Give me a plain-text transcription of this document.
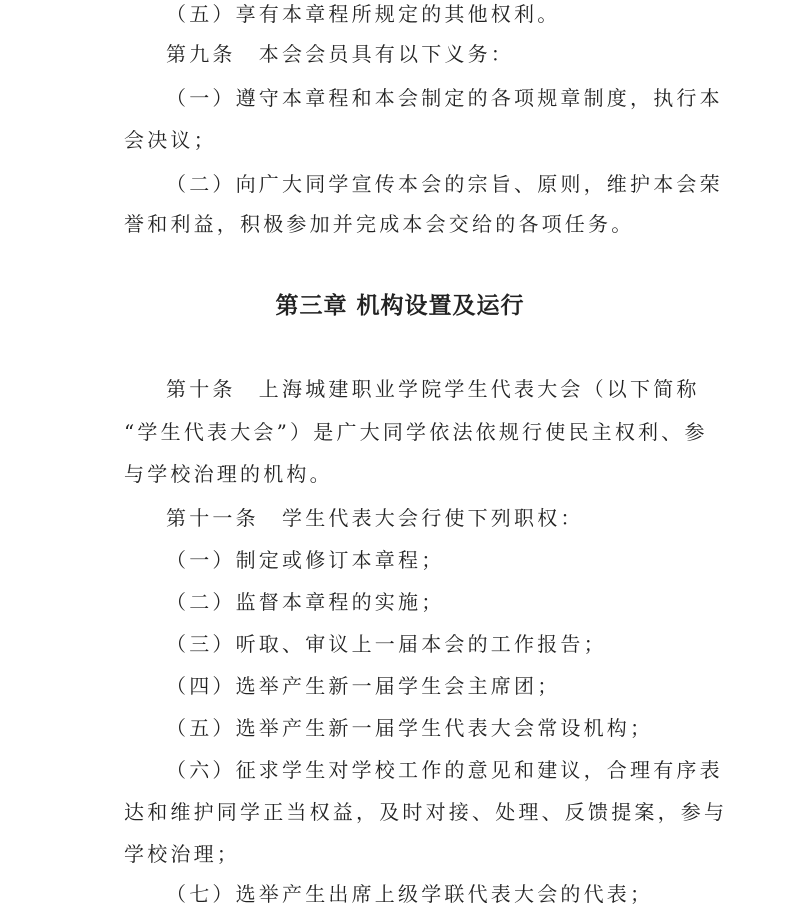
（五）享有本章程所规定的其他权利。
第九条　本会会员具有以下义务：
（一）遵守本章程和本会制定的各项规章制度，执行本
会决议；
（二）向广大同学宣传本会的宗旨、原则，维护本会荣
誉和利益，积极参加并完成本会交给的各项任务。
第三章 机构设置及运行
第十条　上海城建职业学院学生代表大会（以下简称
“学生代表大会”）是广大同学依法依规行使民主权利、参
与学校治理的机构。
第十一条　学生代表大会行使下列职权：
（一）制定或修订本章程；
（二）监督本章程的实施；
（三）听取、审议上一届本会的工作报告；
（四）选举产生新一届学生会主席团；
（五）选举产生新一届学生代表大会常设机构；
（六）征求学生对学校工作的意见和建议，合理有序表
达和维护同学正当权益，及时对接、处理、反馈提案，参与
学校治理；
（七）选举产生出席上级学联代表大会的代表；
